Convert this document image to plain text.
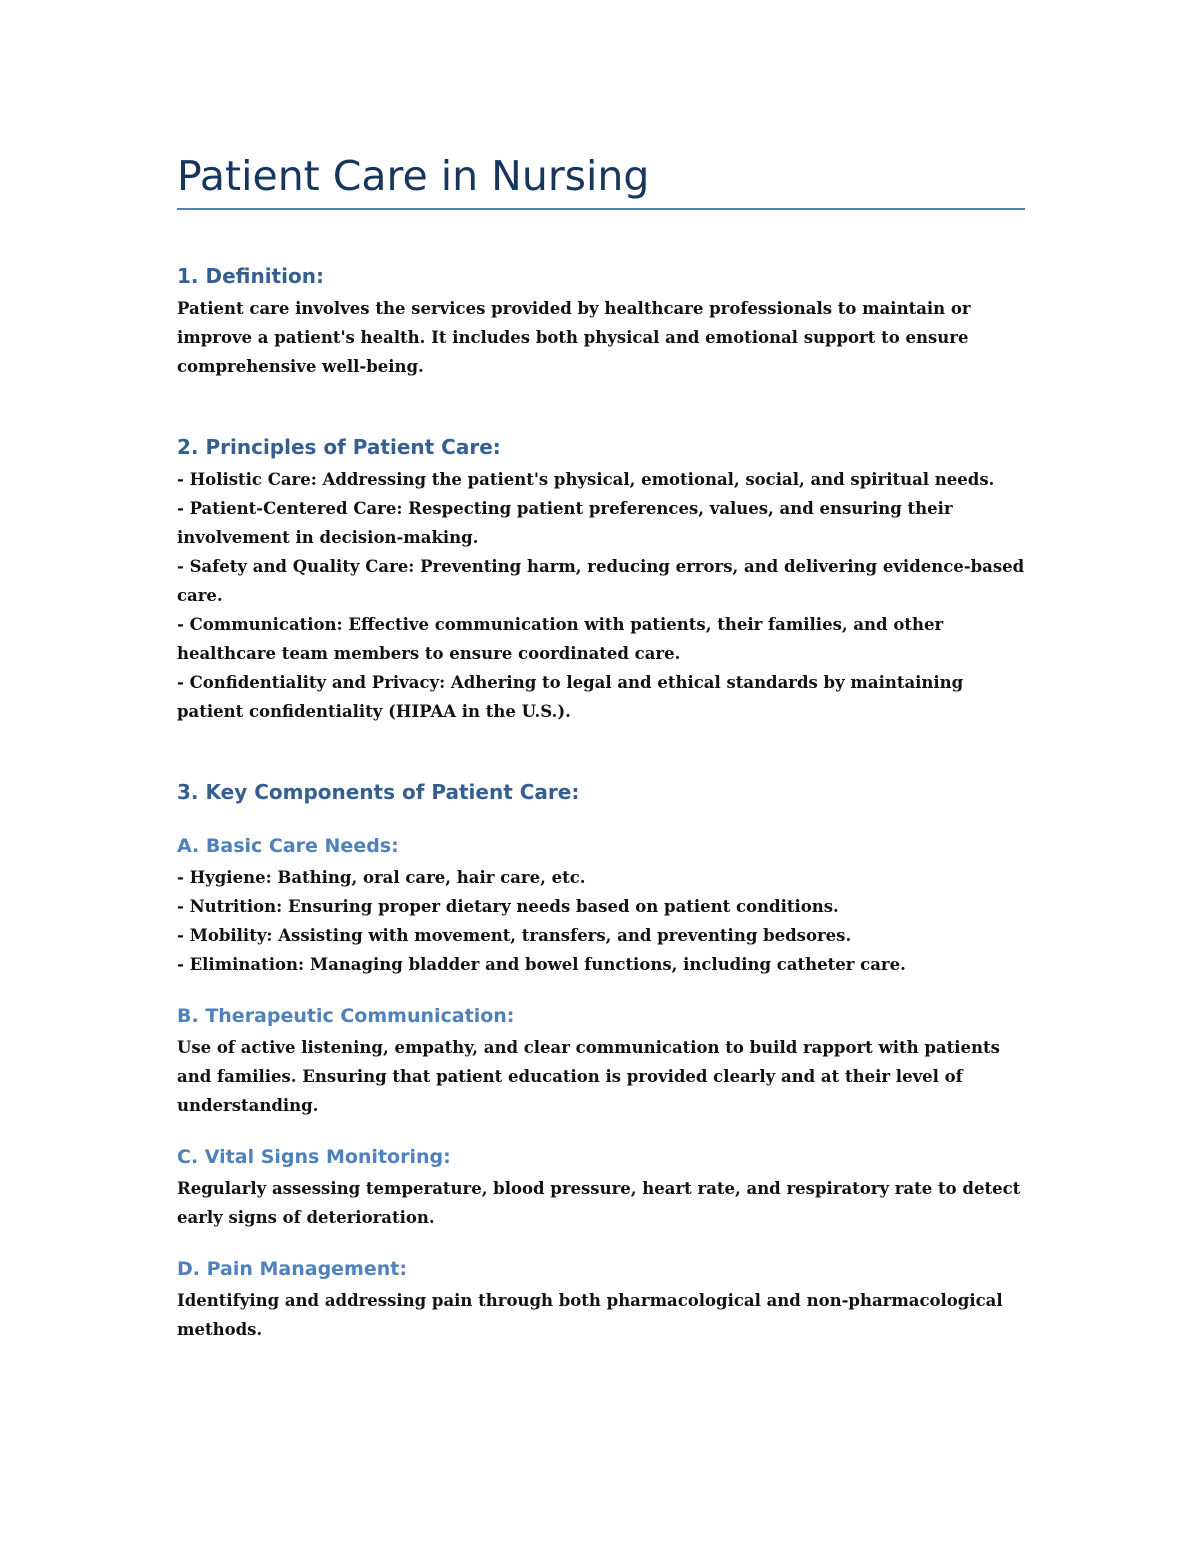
Patient Care in Nursing
1. Definition:

Patient care involves the services provided by healthcare professionals to maintain or improve a patient's health. It includes both physical and emotional support to ensure comprehensive well-being.

2. Principles of Patient Care:
- Holistic Care: Addressing the patient's physical, emotional, social, and spiritual needs.
- Patient-Centered Care: Respecting patient preferences, values, and ensuring their involvement in decision-making.
- Safety and Quality Care: Preventing harm, reducing errors, and delivering evidence-based care.
- Communication: Effective communication with patients, their families, and other healthcare team members to ensure coordinated care.
- Confidentiality and Privacy: Adhering to legal and ethical standards by maintaining patient confidentiality (HIPAA in the U.S.).
3. Key Components of Patient Care:
A. Basic Care Needs:
- Hygiene: Bathing, oral care, hair care, etc.
- Nutrition: Ensuring proper dietary needs based on patient conditions.
- Mobility: Assisting with movement, transfers, and preventing bedsores.
- Elimination: Managing bladder and bowel functions, including catheter care.
B. Therapeutic Communication:

Use of active listening, empathy, and clear communication to build rapport with patients and families. Ensuring that patient education is provided clearly and at their level of understanding.

C. Vital Signs Monitoring:

Regularly assessing temperature, blood pressure, heart rate, and respiratory rate to detect early signs of deterioration.

D. Pain Management:

Identifying and addressing pain through both pharmacological and non-pharmacological methods.
